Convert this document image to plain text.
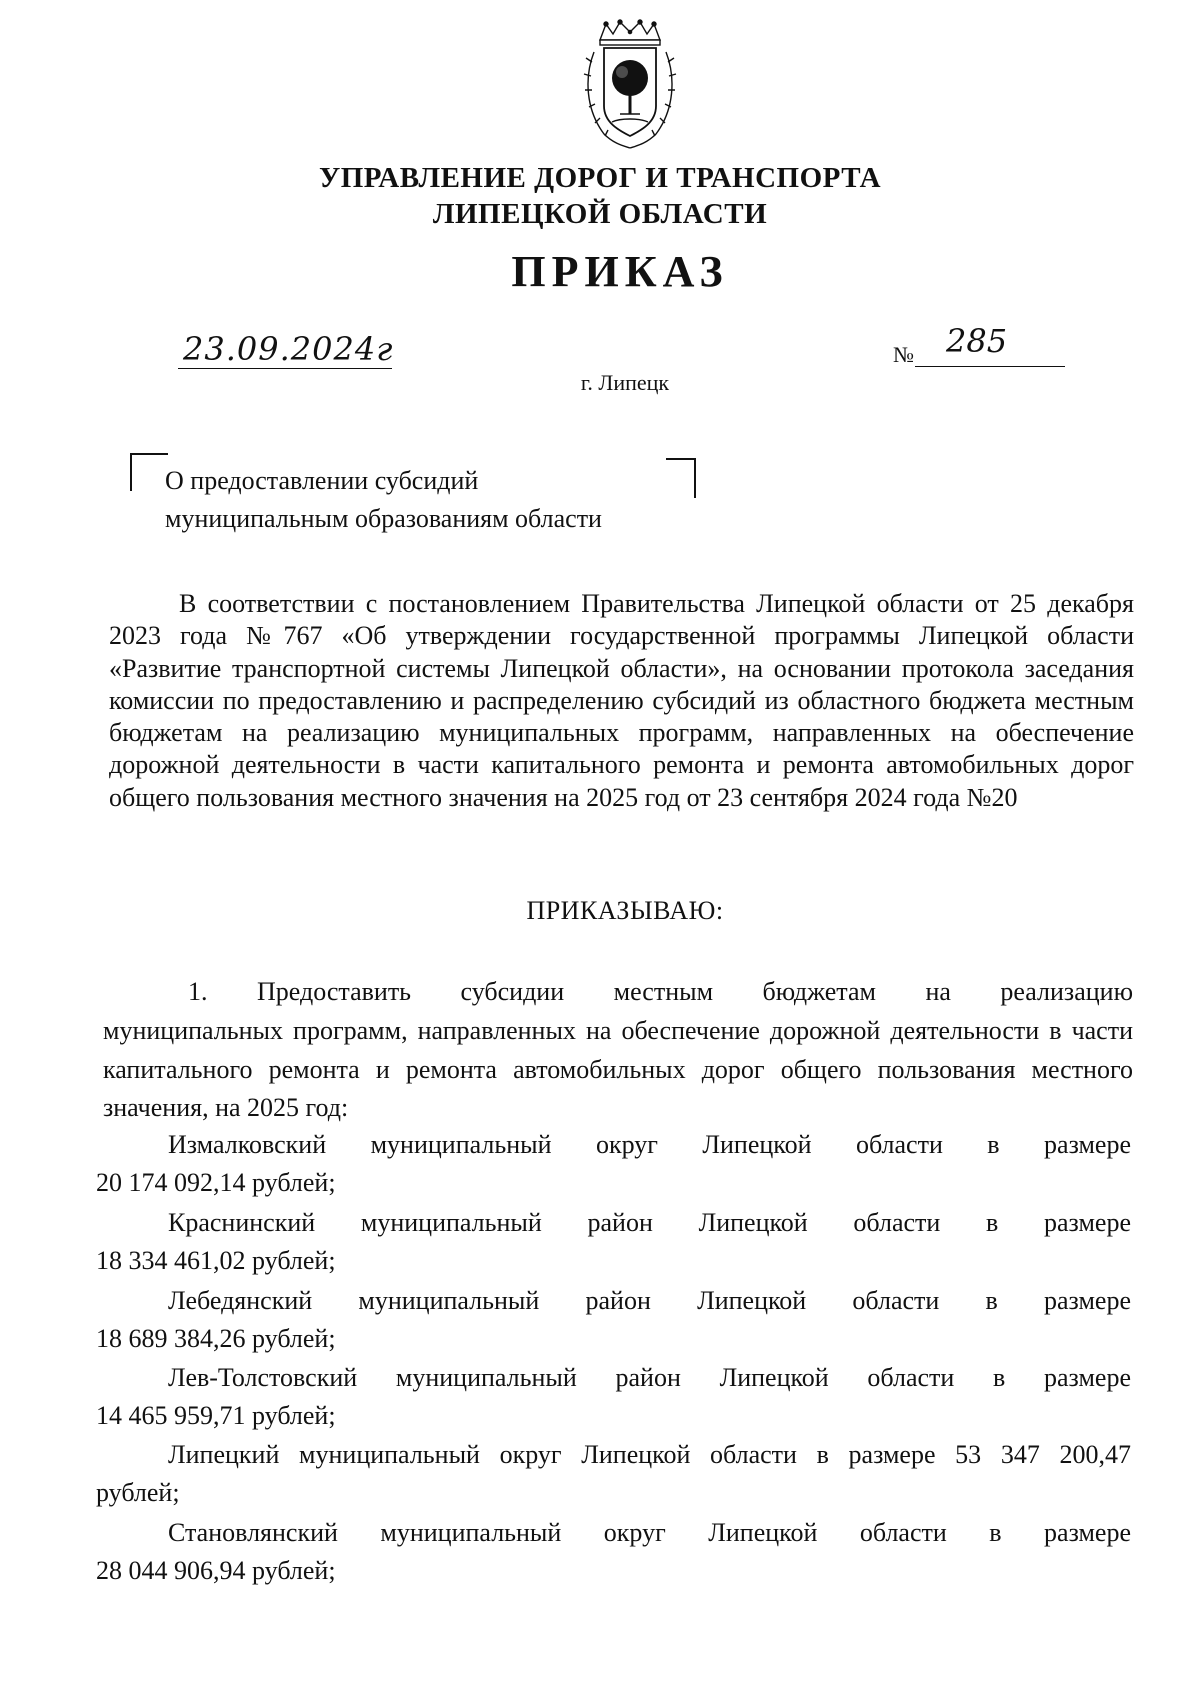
УПРАВЛЕНИЕ ДОРОГ И ТРАНСПОРТА
ЛИПЕЦКОЙ ОБЛАСТИ
ПРИКАЗ
23.09.2024г	№ 285
г. Липецк
О предоставлении субсидий
муниципальным образованиям области

В соответствии с постановлением Правительства Липецкой области от 25 декабря 2023 года №767 «Об утверждении государственной программы Липецкой области «Развитие транспортной системы Липецкой области», на основании протокола заседания комиссии по предоставлению и распределению субсидий из областного бюджета местным бюджетам на реализацию муниципальных программ, направленных на обеспечение дорожной деятельности в части капитального ремонта и ремонта автомобильных дорог общего пользования местного значения на 2025 год от 23 сентября 2024 года №20

ПРИКАЗЫВАЮ:
1. Предоставить субсидии местным бюджетам на реализацию
муниципальных программ, направленных на обеспечение дорожной деятельности в части капитального ремонта и ремонта автомобильных дорог общего пользования местного значения, на 2025 год:
Измалковский муниципальный округ Липецкой области в размере
20 174 092,14 рублей;
Краснинский муниципальный район Липецкой области в размере
18 334 461,02 рублей;
Лебедянский муниципальный район Липецкой области в размере
18 689 384,26 рублей;
Лев-Толстовский муниципальный район Липецкой области в размере
14 465 959,71 рублей;
Липецкий муниципальный округ Липецкой области в размере 53 347 200,47
рублей;
Становлянский муниципальный округ Липецкой области в размере
28 044 906,94 рублей;
